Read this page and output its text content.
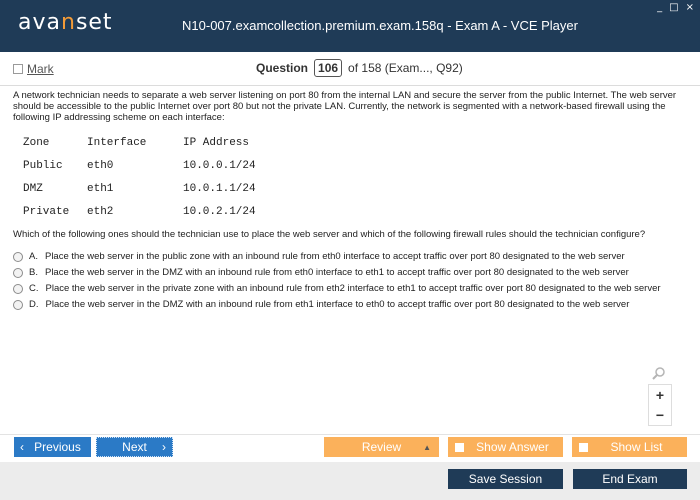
avanset	N10-007.examcollection.premium.exam.158q - Exam A - VCE Player
_ □ ×
Mark	Question 106 of 158 (Exam..., Q92)
A network technician needs to separate a web server listening on port 80 from the internal LAN and secure the server from the public Internet. The web server should be accessible to the public Internet over port 80 but not the private LAN. Currently, the network is segmented with a network-based firewall using the following IP addressing scheme on each interface:
Zone	Interface	IP Address
Public	eth0	10.0.0.1/24
DMZ	eth1	10.0.1.1/24
Private	eth2	10.0.2.1/24
Which of the following ones should the technician use to place the web server and which of the following firewall rules should the technician configure?
A. Place the web server in the public zone with an inbound rule from eth0 interface to accept traffic over port 80 designated to the web server
B. Place the web server in the DMZ with an inbound rule from eth0 interface to eth1 to accept traffic over port 80 designated to the web server
C. Place the web server in the private zone with an inbound rule from eth2 interface to eth1 to accept traffic over port 80 designated to the web server
D. Place the web server in the DMZ with an inbound rule from eth1 interface to eth0 to accept traffic over port 80 designated to the web server
+
−
‹ Previous	Next ›	Review	▲	Show Answer	Show List
Save Session	End Exam
